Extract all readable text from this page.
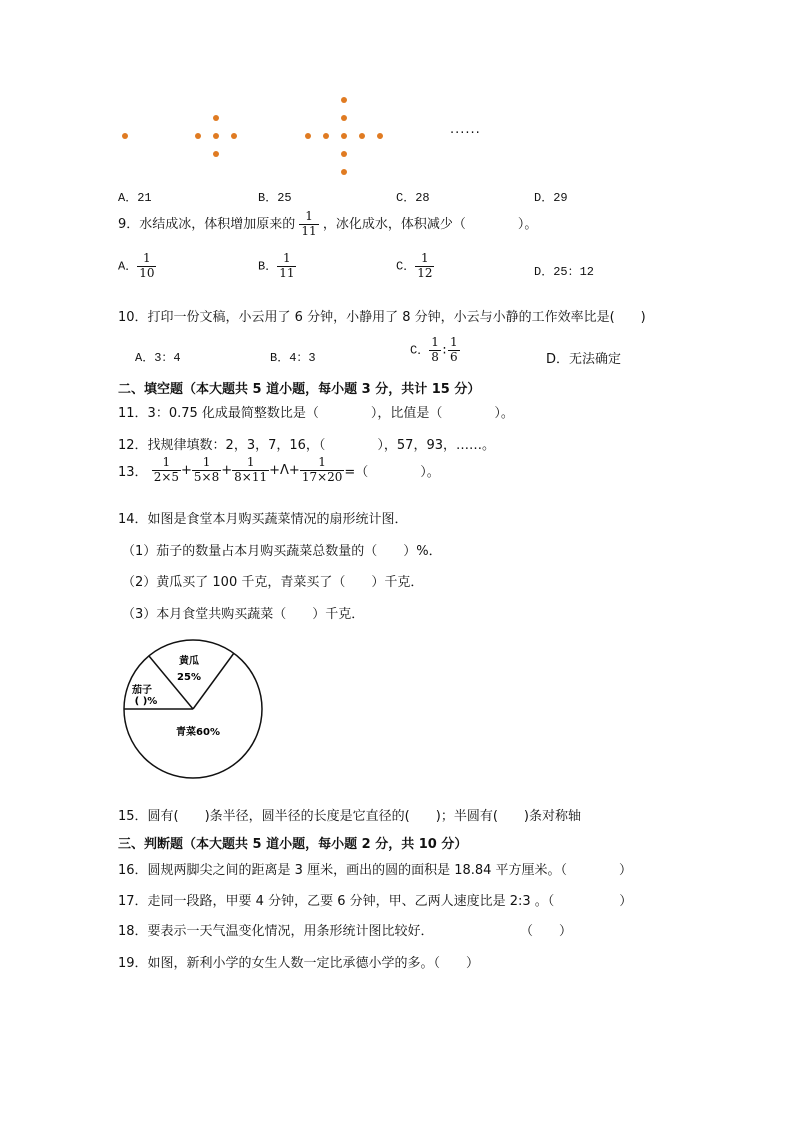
······
A．21	B．25	C．28	D．29
9．水结成冰，体积增加原来的 $\frac{1}{11}$ ，冰化成水，体积减少（　　　　）。
A． $\frac{1}{10}$	B． $\frac{1}{11}$	C． $\frac{1}{12}$	D．25：12
10．打印一份文稿，小云用了 6 分钟，小静用了 8 分钟，小云与小静的工作效率比是(　　)
A．3：4	B．4：3
C． $\frac{1}{8}$ : $\frac{1}{6}$	D．无法确定
二、填空题（本大题共 5 道小题，每小题 3 分，共计 15 分）
11．3：0.75 化成最简整数比是（　　　　），比值是（　　　　）。
12．找规律填数：2，3，7，16，（　　　　），57，93，……。
13． $\frac{1}{2\times 5} + \frac{1}{5\times 8} + \frac{1}{8\times 11} +\Lambda+ \frac{1}{17\times 20}$ =（　　　　）。
14．如图是食堂本月购买蔬菜情况的扇形统计图．
（1）茄子的数量占本月购买蔬菜总数量的（　　）%．
（2）黄瓜买了 100 千克，青菜买了（　　）千克．
（3）本月食堂共购买蔬菜（　　）千克．
黄瓜
25%
茄子
( )%
青菜60%
15．圆有(　　)条半径，圆半径的长度是它直径的(　　)；半圆有(　　)条对称轴
三、判断题（本大题共 5 道小题，每小题 2 分，共 10 分）
16．圆规两脚尖之间的距离是 3 厘米，画出的圆的面积是 18.84 平方厘米。（　　　　）
17．走同一段路，甲要 4 分钟，乙要 6 分钟，甲、乙两人速度比是 2:3 。（　　　　　）
18．要表示一天气温变化情况，用条形统计图比较好．	（　　）
19．如图，新利小学的女生人数一定比承德小学的多。（　　）
